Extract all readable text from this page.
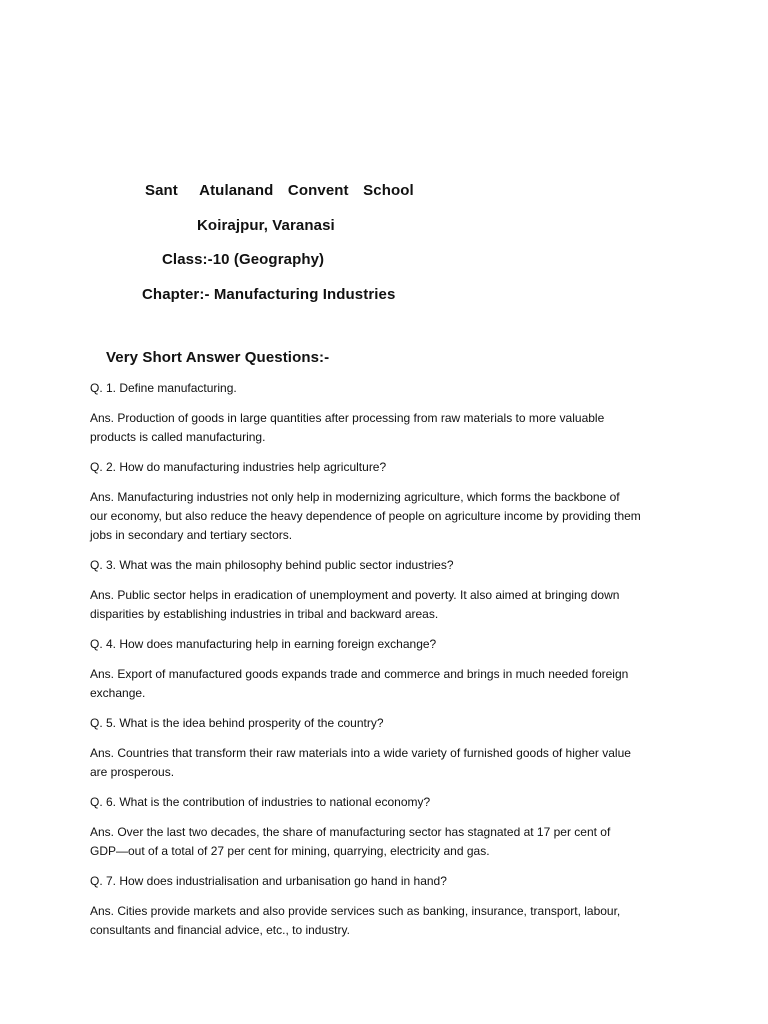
Sant   Atulanand  Convent  School
Koirajpur, Varanasi
Class:-10 (Geography)
Chapter:- Manufacturing Industries
Very Short Answer Questions:-
Q. 1. Define manufacturing.
Ans. Production of goods in large quantities after processing from raw materials to more valuable
products is called manufacturing.
Q. 2. How do manufacturing industries help agriculture?
Ans. Manufacturing industries not only help in modernizing agriculture, which forms the backbone of
our economy, but also reduce the heavy dependence of people on agriculture income by providing them
jobs in secondary and tertiary sectors.
Q. 3. What was the main philosophy behind public sector industries?
Ans. Public sector helps in eradication of unemployment and poverty. It also aimed at bringing down
disparities by establishing industries in tribal and backward areas.
Q. 4. How does manufacturing help in earning foreign exchange?
Ans. Export of manufactured goods expands trade and commerce and brings in much needed foreign
exchange.
Q. 5. What is the idea behind prosperity of the country?
Ans. Countries that transform their raw materials into a wide variety of furnished goods of higher value
are prosperous.
Q. 6. What is the contribution of industries to national economy?
Ans. Over the last two decades, the share of manufacturing sector has stagnated at 17 per cent of
GDP—out of a total of 27 per cent for mining, quarrying, electricity and gas.
Q. 7. How does industrialisation and urbanisation go hand in hand?
Ans. Cities provide markets and also provide services such as banking, insurance, transport, labour,
consultants and financial advice, etc., to industry.
